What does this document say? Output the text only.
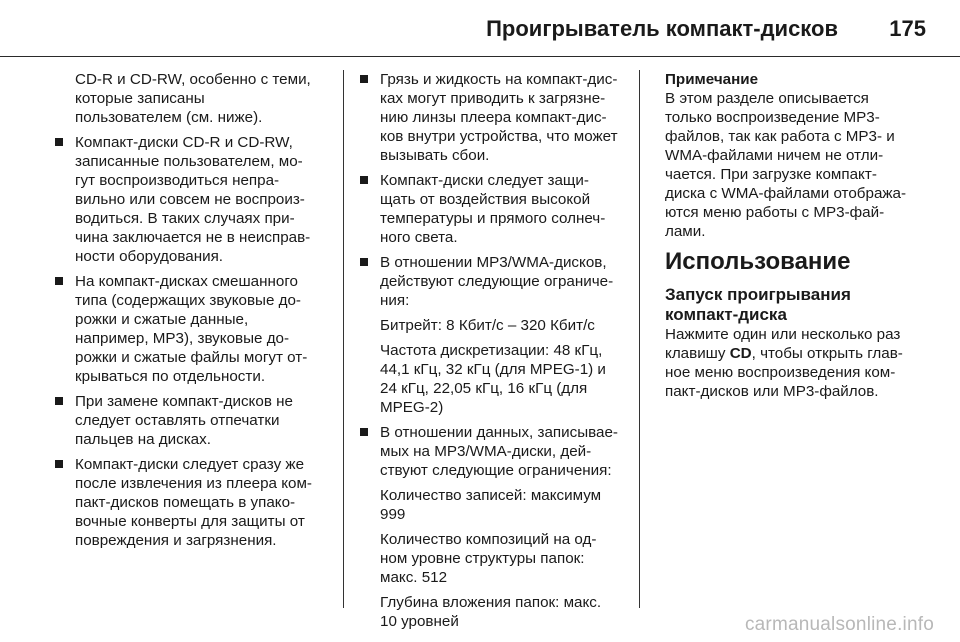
Проигрыватель компакт-дисков 175
CD-R и CD-RW, особенно с теми,
которые записаны
пользователем (см. ниже).
Компакт-диски CD-R и CD-RW,
записанные пользователем, мо-
гут воспроизводиться непра-
вильно или совсем не воспроиз-
водиться. В таких случаях при-
чина заключается не в неисправ-
ности оборудования.
На компакт-дисках смешанного
типа (содержащих звуковые до-
рожки и сжатые данные,
например, MP3), звуковые до-
рожки и сжатые файлы могут от-
крываться по отдельности.
При замене компакт-дисков не
следует оставлять отпечатки
пальцев на дисках.
Компакт-диски следует сразу же
после извлечения из плеера ком-
пакт-дисков помещать в упако-
вочные конверты для защиты от
повреждения и загрязнения.
Грязь и жидкость на компакт-дис-
ках могут приводить к загрязне-
нию линзы плеера компакт-дис-
ков внутри устройства, что может
вызывать сбои.
Компакт-диски следует защи-
щать от воздействия высокой
температуры и прямого солнеч-
ного света.
В отношении MP3/WMA-дисков,
действуют следующие ограниче-
ния:
Битрейт: 8 Кбит/с – 320 Кбит/с
Частота дискретизации: 48 кГц,
44,1 кГц, 32 кГц (для MPEG-1) и
24 кГц, 22,05 кГц, 16 кГц (для
MPEG-2)
В отношении данных, записывае-
мых на MP3/WMA-диски, дей-
ствуют следующие ограничения:
Количество записей: максимум
999
Количество композиций на од-
ном уровне структуры папок:
макс. 512
Глубина вложения папок: макс.
10 уровней
Примечание
В этом разделе описывается
только воспроизведение MP3-
файлов, так как работа с MP3- и
WMA-файлами ничем не отли-
чается. При загрузке компакт-
диска с WMA-файлами отобража-
ются меню работы с MP3-фай-
лами.
Использование
Запуск проигрывания
компакт-диска
Нажмите один или несколько раз
клавишу CD, чтобы открыть глав-
ное меню воспроизведения ком-
пакт-дисков или MP3-файлов.
carmanualsonline.info
